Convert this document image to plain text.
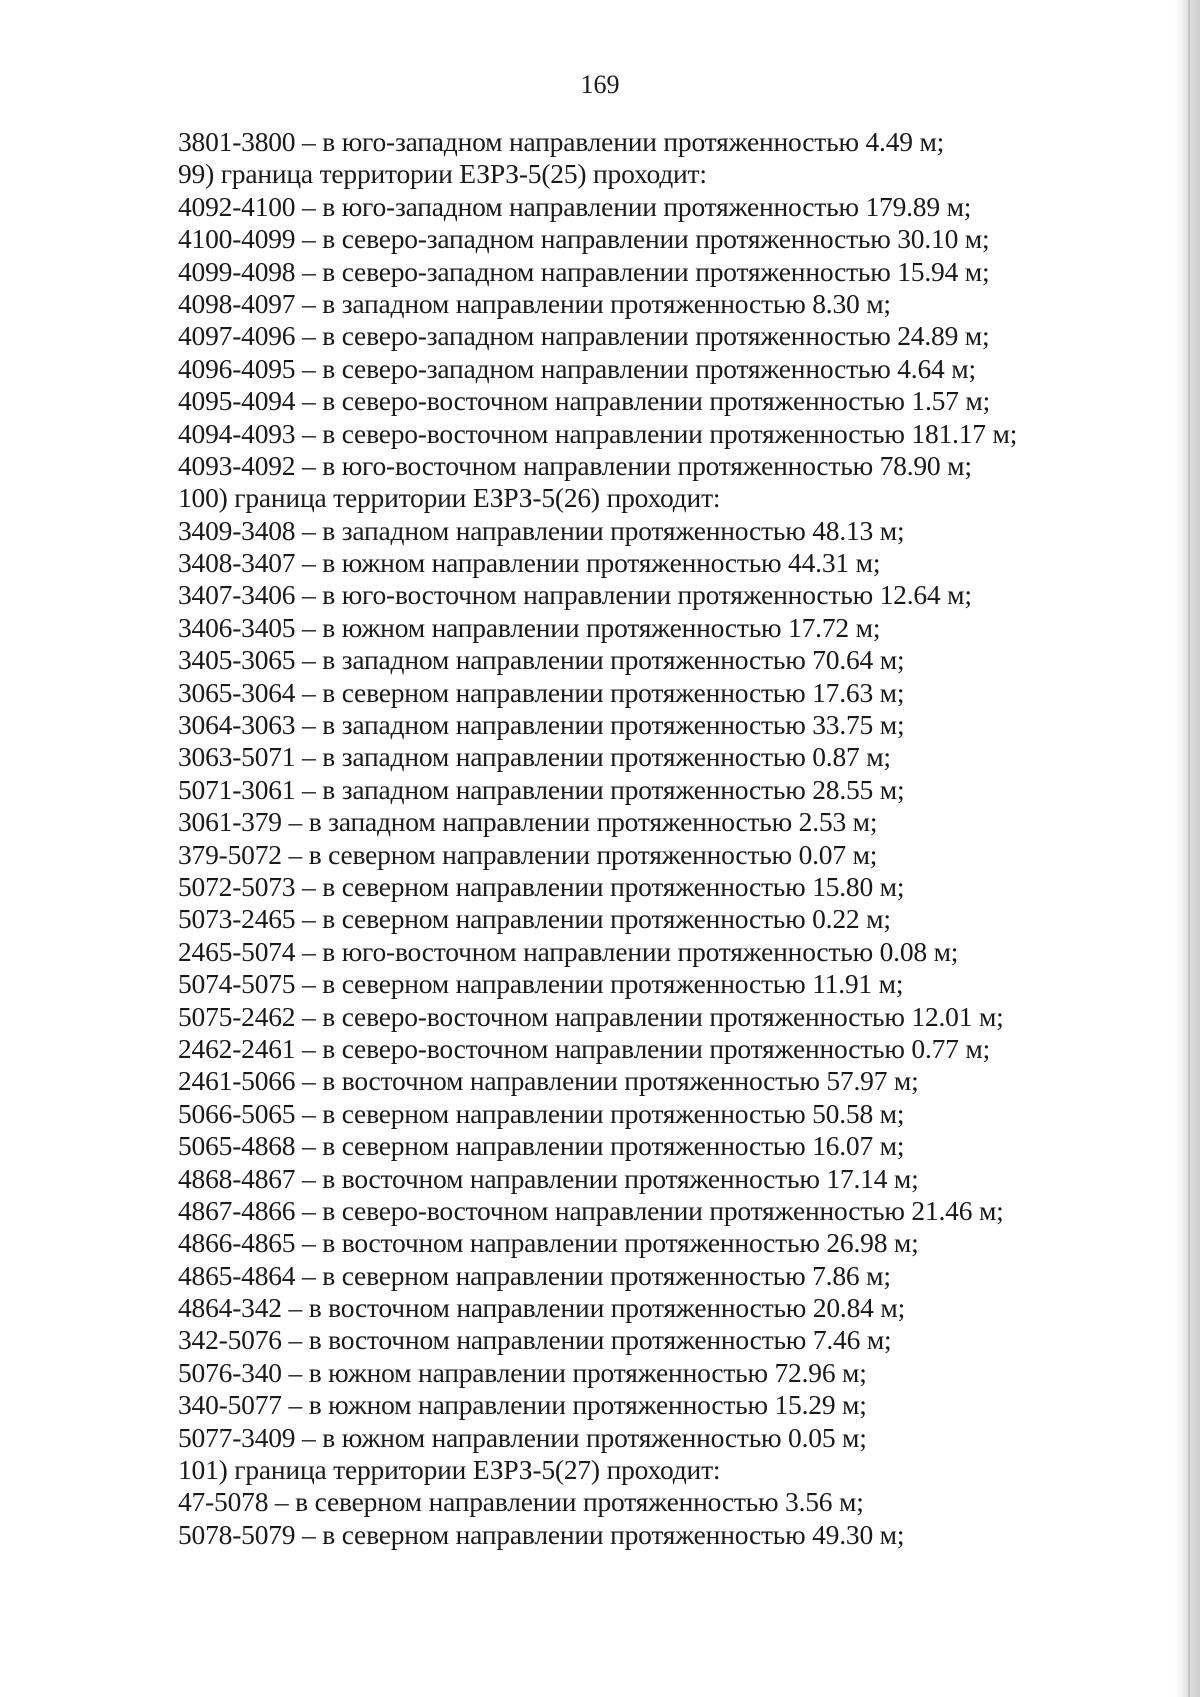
169
3801-3800 – в юго-западном направлении протяженностью 4.49 м;
99) граница территории ЕЗРЗ-5(25) проходит:
4092-4100 – в юго-западном направлении протяженностью 179.89 м;
4100-4099 – в северо-западном направлении протяженностью 30.10 м;
4099-4098 – в северо-западном направлении протяженностью 15.94 м;
4098-4097 – в западном направлении протяженностью 8.30 м;
4097-4096 – в северо-западном направлении протяженностью 24.89 м;
4096-4095 – в северо-западном направлении протяженностью 4.64 м;
4095-4094 – в северо-восточном направлении протяженностью 1.57 м;
4094-4093 – в северо-восточном направлении протяженностью 181.17 м;
4093-4092 – в юго-восточном направлении протяженностью 78.90 м;
100) граница территории ЕЗРЗ-5(26) проходит:
3409-3408 – в западном направлении протяженностью 48.13 м;
3408-3407 – в южном направлении протяженностью 44.31 м;
3407-3406 – в юго-восточном направлении протяженностью 12.64 м;
3406-3405 – в южном направлении протяженностью 17.72 м;
3405-3065 – в западном направлении протяженностью 70.64 м;
3065-3064 – в северном направлении протяженностью 17.63 м;
3064-3063 – в западном направлении протяженностью 33.75 м;
3063-5071 – в западном направлении протяженностью 0.87 м;
5071-3061 – в западном направлении протяженностью 28.55 м;
3061-379 – в западном направлении протяженностью 2.53 м;
379-5072 – в северном направлении протяженностью 0.07 м;
5072-5073 – в северном направлении протяженностью 15.80 м;
5073-2465 – в северном направлении протяженностью 0.22 м;
2465-5074 – в юго-восточном направлении протяженностью 0.08 м;
5074-5075 – в северном направлении протяженностью 11.91 м;
5075-2462 – в северо-восточном направлении протяженностью 12.01 м;
2462-2461 – в северо-восточном направлении протяженностью 0.77 м;
2461-5066 – в восточном направлении протяженностью 57.97 м;
5066-5065 – в северном направлении протяженностью 50.58 м;
5065-4868 – в северном направлении протяженностью 16.07 м;
4868-4867 – в восточном направлении протяженностью 17.14 м;
4867-4866 – в северо-восточном направлении протяженностью 21.46 м;
4866-4865 – в восточном направлении протяженностью 26.98 м;
4865-4864 – в северном направлении протяженностью 7.86 м;
4864-342 – в восточном направлении протяженностью 20.84 м;
342-5076 – в восточном направлении протяженностью 7.46 м;
5076-340 – в южном направлении протяженностью 72.96 м;
340-5077 – в южном направлении протяженностью 15.29 м;
5077-3409 – в южном направлении протяженностью 0.05 м;
101) граница территории ЕЗРЗ-5(27) проходит:
47-5078 – в северном направлении протяженностью 3.56 м;
5078-5079 – в северном направлении протяженностью 49.30 м;
